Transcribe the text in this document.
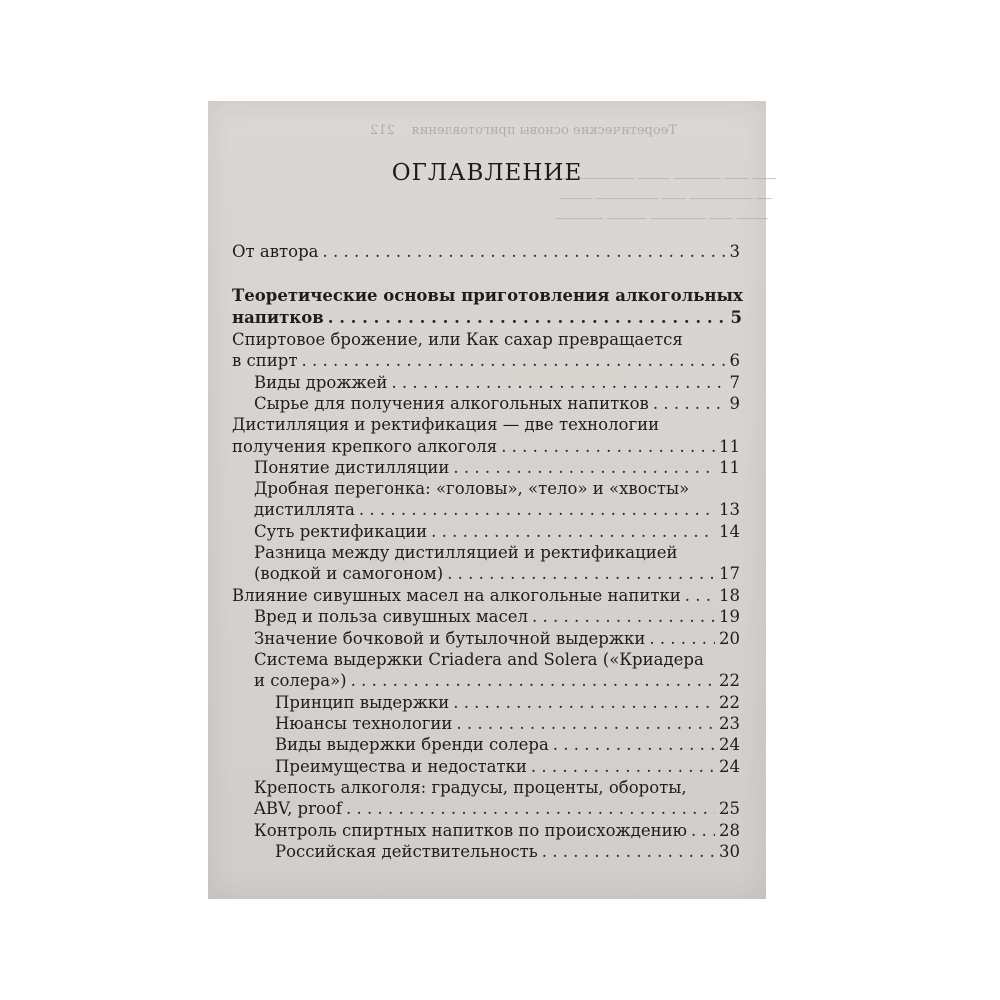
Теоретические основы приготовления    212
─────────── ──── ────── ─── ───
──── ──────── ─── ──────── ──
────── ───── ─────── ─── ────
ОГЛАВЛЕНИЕ
От автора . . .	3
Теоретические основы приготовления алкогольных
напитков . . .	5
Спиртовое брожение, или Как сахар превращается
в спирт . . .	6
Виды дрожжей . . .	7
Сырье для получения алкогольных напитков . . .	9
Дистилляция и ректификация — две технологии
получения крепкого алкоголя . . .	11
Понятие дистилляции . . .	11
Дробная перегонка: «головы», «тело» и «хвосты»
дистиллята . . .	13
Суть ректификации . . .	14
Разница между дистилляцией и ректификацией
(водкой и самогоном) . . .	17
Влияние сивушных масел на алкогольные напитки . . . 18
Вред и польза сивушных масел . . .	19
Значение бочковой и бутылочной выдержки . . .	20
Система выдержки Criadera and Solera («Криадера
и солера») . . .	22
Принцип выдержки . . .	22
Нюансы технологии . . .	23
Виды выдержки бренди солера . . .	24
Преимущества и недостатки . . .	24
Крепость алкоголя: градусы, проценты, обороты,
ABV, proof . . .	25
Контроль спиртных напитков по происхождению . . . 28
Российская действительность . . .	30
